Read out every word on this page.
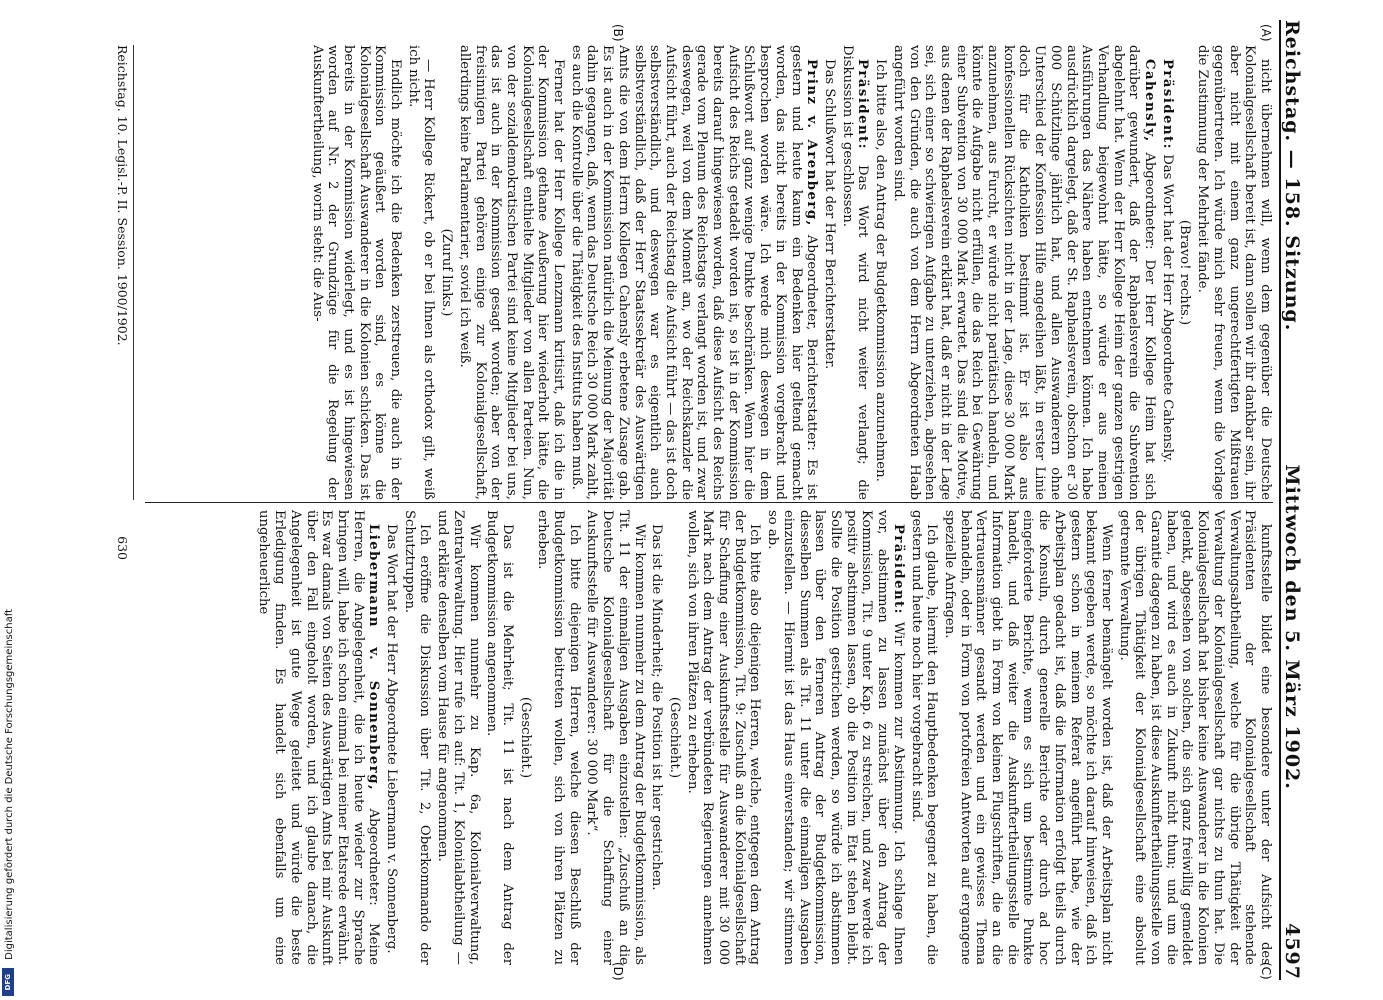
Reichstag. — 158. Sitzung.
Mittwoch den 5. März 1902.
4597
(A)
(B)
(C)
(D)

nicht übernehmen will, wenn dem gegenüber die Deutsche Kolonialgesellschaft bereit ist, dann sollen wir ihr dankbar sein, ihr aber nicht mit einem ganz ungerechtfertigten Mißtrauen gegenübertreten. Ich würde mich sehr freuen, wenn die Vorlage die Zustimmung der Mehrheit fände.

(Bravo! rechts.)

Präsident: Das Wort hat der Herr Abgeordnete Cahensly.

Cahensly, Abgeordneter: Der Herr Kollege Heim hat sich darüber gewundert, daß der Raphaelsverein die Subvention abgelehnt hat. Wenn der Herr Kollege Heim der ganzen gestrigen Verhandlung beigewohnt hätte, so würde er aus meinen Ausführungen das Nähere haben entnehmen können. Ich habe ausdrücklich dargelegt, daß der St. Raphaelsverein, obschon er 30 000 Schützlinge jährlich hat, und allen Auswanderern ohne Unterschied der Konfession Hilfe angedeihen läßt, in erster Linie doch für die Katholiken bestimmt ist. Er ist also aus konfessionellen Rücksichten nicht in der Lage, diese 30 000 Mark anzunehmen, aus Furcht, er würde nicht paritätisch handeln, und könnte die Aufgabe nicht erfüllen, die das Reich bei Gewährung einer Subvention von 30 000 Mark erwartet. Das sind die Motive, aus denen der Raphaelsverein erklärt hat, daß er nicht in der Lage sei, sich einer so schwierigen Aufgabe zu unterziehen, abgesehen von den Gründen, die auch von dem Herrn Abgeordneten Haab angeführt worden sind.

Ich bitte also, den Antrag der Budgetkommission anzunehmen.

Präsident: Das Wort wird nicht weiter verlangt; die Diskussion ist geschlossen.

Das Schlußwort hat der Herr Berichterstatter.

Prinz v. Arenberg, Abgeordneter, Berichterstatter: Es ist gestern und heute kaum ein Bedenken hier geltend gemacht worden, das nicht bereits in der Kommission vorgebracht und besprochen worden wäre. Ich werde mich deswegen in dem Schlußwort auf ganz wenige Punkte beschränken. Wenn hier die Aufsicht des Reichs getadelt worden ist, so ist in der Kommission bereits darauf hingewiesen worden, daß diese Aufsicht des Reichs gerade vom Plenum des Reichstags verlangt worden ist, und zwar deswegen, weil von dem Moment an, wo der Reichskanzler die Aufsicht führt, auch der Reichstag die Aufsicht führt — das ist doch selbstverständlich, und deswegen war es eigentlich auch selbstverständlich, daß der Herr Staatssekretär des Auswärtigen Amts die von dem Herrn Kollegen Cahensly erbetene Zusage gab. Es ist auch in der Kommission natürlich die Meinung der Majorität dahin gegangen, daß, wenn das Deutsche Reich 30 000 Mark zahlt, es auch die Kontrolle über die Thätigkeit des Instituts haben muß.

Ferner hat der Herr Kollege Lenzmann kritisirt, daß ich die in der Kommission gethane Aeußerung hier wiederholt hätte, die Kolonialgesellschaft enthielte Mitglieder von allen Parteien. Nun, von der sozialdemokratischen Partei sind keine Mitglieder bei uns, das ist auch in der Kommission gesagt worden; aber von der freisinnigen Partei gehören einige zur Kolonialgesellschaft, allerdings keine Parlamentarier, soviel ich weiß.

(Zuruf links.)

— Herr Kollege Rickert, ob er bei Ihnen als orthodox gilt, weiß ich nicht.

Endlich möchte ich die Bedenken zerstreuen, die auch in der Kommission geäußert worden sind, es könne die Kolonialgesellschaft Auswanderer in die Kolonien schicken. Das ist bereits in der Kommission widerlegt, und es ist hingewiesen worden auf Nr. 2 der Grundzüge für die Regelung der Auskunftertheilung, worin steht: die Aus-

kunftsstelle bildet eine besondere unter der Aufsicht des Präsidenten der Kolonialgesellschaft stehende Verwaltungsabtheilung, welche für die übrige Thätigkeit der Verwaltung der Kolonialgesellschaft gar nichts zu thun hat. Die Kolonialgesellschaft hat bisher keine Auswanderer in die Kolonien gelenkt, abgesehen von solchen, die sich ganz freiwillig gemeldet haben, und wird es auch in Zukunft nicht thun; und um die Garantie dagegen zu haben, ist diese Auskunftertheilungsstelle von der übrigen Thätigkeit der Kolonialgesellschaft eine absolut getrennte Verwaltung.

Wenn ferner bemängelt worden ist, daß der Arbeitsplan nicht bekannt gegeben werde, so möchte ich darauf hinweisen, daß ich gestern schon in meinem Referat angeführt habe, wie der Arbeitsplan gedacht ist, daß die Information erfolgt theils durch die Konsuln, durch generelle Berichte oder durch ad hoc eingeforderte Berichte, wenn es sich um bestimmte Punkte handelt, und daß weiter die Auskunftertheilungsstelle die Information giebt in Form von kleinen Flugschriften, die an die Vertrauensmänner gesandt werden und ein gewisses Thema behandeln, oder in Form von portofreien Antworten auf ergangene spezielle Anfragen.

Ich glaube, hiermit den Hauptbedenken begegnet zu haben, die gestern und heute noch hier vorgebracht sind.

Präsident: Wir kommen zur Abstimmung. Ich schlage Ihnen vor, abstimmen zu lassen zunächst über den Antrag der Kommission, Tit. 9 unter Kap. 6 zu streichen, und zwar werde ich positiv abstimmen lassen, ob die Position im Etat stehen bleibt. Sollte die Position gestrichen werden, so würde ich abstimmen lassen über den ferneren Antrag der Budgetkommission, diesselben Summen als Tit. 11 unter die einmaligen Ausgaben einzustellen. — Hiermit ist das Haus einverstanden; wir stimmen so ab.

Ich bitte also diejenigen Herren, welche, entgegen dem Antrag der Budgetkommission, Tit. 9: Zuschuß an die Kolonialgesellschaft für Schaffung einer Auskunftsstelle für Auswanderer mit 30 000 Mark nach dem Antrag der verbündeten Regierungen annehmen wollen, sich von ihren Plätzen zu erheben.

(Geschieht.)

Das ist die Minderheit; die Position ist hier gestrichen.

Wir kommen nunmehr zu dem Antrag der Budgetkommission, als Tit. 11 der einmaligen Ausgaben einzustellen: „Zuschuß an die Deutsche Kolonialgesellschaft für die Schaffung einer Auskunftsstelle für Auswanderer: 30 000 Mark“.

Ich bitte diejenigen Herren, welche diesen Beschluß der Budgetkommission beitreten wollen, sich von ihren Plätzen zu erheben.

(Geschieht.)

Das ist die Mehrheit; Tit. 11 ist nach dem Antrag der Budgetkommission angenommen.

Wir kommen nunmehr zu Kap. 6a, Kolonialverwaltung, Zentralverwaltung. Hier rufe ich auf: Tit. 1, Kolonialabtheilung — und erkläre denselben vom Hause für angenommen.

Ich eröffne die Diskussion über Tit. 2, Oberkommando der Schutztruppen.

Das Wort hat der Herr Abgeordnete Liebermann v. Sonnenberg.

Liebermann v. Sonnenberg, Abgeordneter: Meine Herren, die Angelegenheit, die ich heute wieder zur Sprache bringen will, habe ich schon einmal bei meiner Etatsrede erwähnt. Es war damals von Seiten des Auswärtigen Amts bei mir Auskunft über den Fall eingeholt worden, und ich glaube danach, die Angelegenheit ist gute Wege geleitet und würde die beste Erledigung finden. Es handelt sich ebenfalls um eine ungeheuerliche

Reichstag. 10. Legisl.-P. II. Session. 1900/1902.
630
Digitalisierung gefördert durch die Deutsche Forschungsgemeinschaft
DFG
